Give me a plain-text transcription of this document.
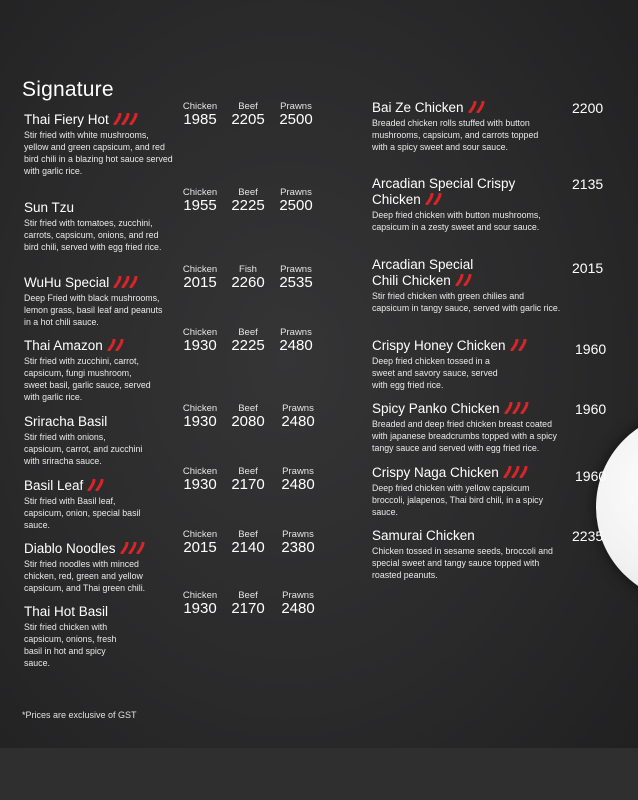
Signature
Thai Fiery Hot
Stir fried with white mushrooms, yellow and green capsicum, and red bird chili in a blazing hot sauce served with garlic rice.
Sun Tzu
Stir fried with tomatoes, zucchini, carrots, capsicum, onions, and red bird chili, served with egg fried rice.
WuHu Special
Deep Fried with black mushrooms, lemon grass, basil leaf and peanuts in a hot chili sauce.
Thai Amazon
Stir fried with zucchini, carrot, capsicum, fungi mushroom, sweet basil, garlic sauce, served with garlic rice.
Sriracha Basil
Stir fried with onions, capsicum, carrot, and zucchini with sriracha sauce.
Basil Leaf
Stir fried with Basil leaf, capsicum, onion, special basil sauce.
Diablo Noodles
Stir fried noodles with minced chicken, red, green and yellow capsicum, and Thai green chili.
Thai Hot Basil
Stir fried chicken with capsicum, onions, fresh basil in hot and spicy sauce.
Chicken
1985
Beef
2205
Prawns
2500
Chicken
1955
Beef
2225
Prawns
2500
Chicken
2015
Fish
2260
Prawns
2535
Chicken
1930
Beef
2225
Prawns
2480
Chicken
1930
Beef
2080
Prawns
2480
Chicken
1930
Beef
2170
Prawns
2480
Chicken
2015
Beef
2140
Prawns
2380
Chicken
1930
Beef
2170
Prawns
2480
Bai Ze Chicken
Breaded chicken rolls stuffed with button mushrooms, capsicum, and carrots topped with a spicy sweet and sour sauce.
2200
Arcadian Special Crispy Chicken
Deep fried chicken with button mushrooms, capsicum in a zesty sweet and sour sauce.
2135
Arcadian Special Chili Chicken
Stir fried chicken with green chilies and capsicum in tangy sauce, served with garlic rice.
2015
Crispy Honey Chicken
Deep fried chicken tossed in a sweet and savory sauce, served with egg fried rice.
1960
Spicy Panko Chicken
Breaded and deep fried chicken breast coated with japanese breadcrumbs topped with a spicy tangy sauce and served with egg fried rice.
1960
Crispy Naga Chicken
Deep fried chicken with yellow capsicum broccoli, jalapenos, Thai bird chili, in a spicy sauce.
1960
Samurai Chicken
Chicken tossed in sesame seeds, broccoli and special sweet and tangy sauce topped with roasted peanuts.
2235
*Prices are exclusive of GST
